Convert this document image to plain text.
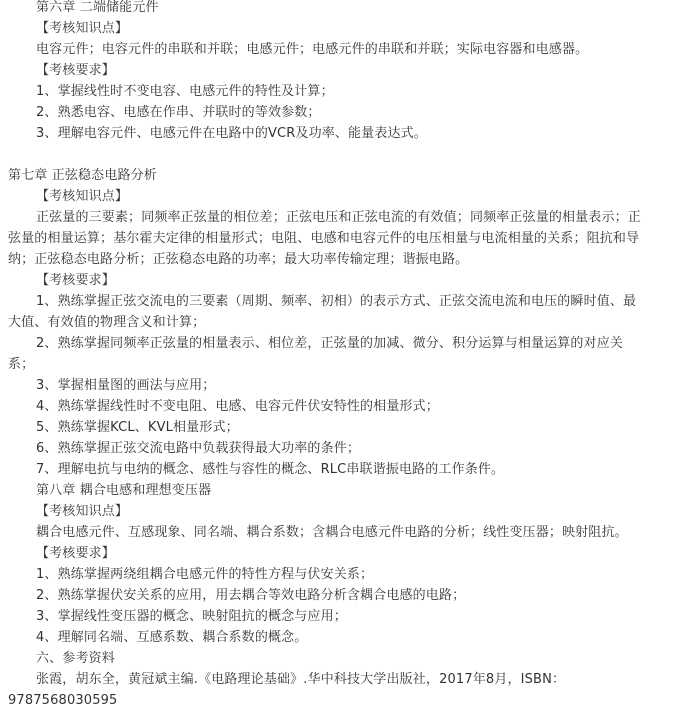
第六章 二端储能元件
【考核知识点】
电容元件；电容元件的串联和并联；电感元件；电感元件的串联和并联；实际电容器和电感器。
【考核要求】
1、掌握线性时不变电容、电感元件的特性及计算；
2、熟悉电容、电感在作串、并联时的等效参数；
3、理解电容元件、电感元件在电路中的VCR及功率、能量表达式。
第七章 正弦稳态电路分析
【考核知识点】
正弦量的三要素；同频率正弦量的相位差；正弦电压和正弦电流的有效值；同频率正弦量的相量表示；正
弦量的相量运算；基尔霍夫定律的相量形式；电阻、电感和电容元件的电压相量与电流相量的关系；阻抗和导
纳；正弦稳态电路分析；正弦稳态电路的功率；最大功率传输定理；谐振电路。
【考核要求】
1、熟练掌握正弦交流电的三要素（周期、频率、初相）的表示方式、正弦交流电流和电压的瞬时值、最
大值、有效值的物理含义和计算；
2、熟练掌握同频率正弦量的相量表示、相位差，正弦量的加减、微分、积分运算与相量运算的对应关
系；
3、掌握相量图的画法与应用；
4、熟练掌握线性时不变电阻、电感、电容元件伏安特性的相量形式；
5、熟练掌握KCL、KVL相量形式；
6、熟练掌握正弦交流电路中负载获得最大功率的条件；
7、理解电抗与电纳的概念、感性与容性的概念、RLC串联谐振电路的工作条件。
第八章 耦合电感和理想变压器
【考核知识点】
耦合电感元件、互感现象、同名端、耦合系数；含耦合电感元件电路的分析；线性变压器；映射阻抗。
【考核要求】
1、熟练掌握两绕组耦合电感元件的特性方程与伏安关系；
2、熟练掌握伏安关系的应用，用去耦合等效电路分析含耦合电感的电路；
3、掌握线性变压器的概念、映射阻抗的概念与应用；
4、理解同名端、互感系数、耦合系数的概念。
六、参考资料
张霞，胡东全，黄冠斌主编.《电路理论基础》.华中科技大学出版社，2017年8月，ISBN：
9787568030595
